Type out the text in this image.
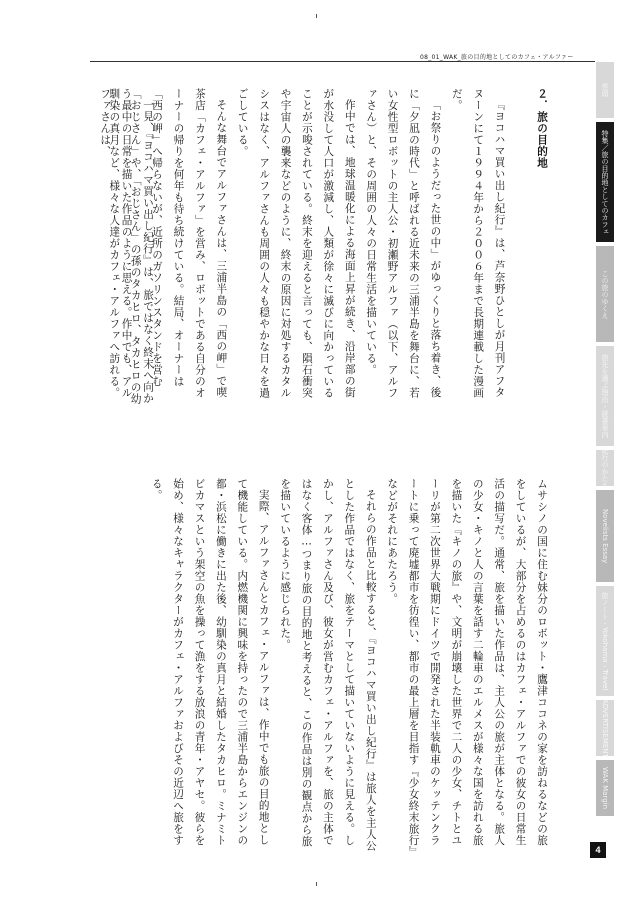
08_01_WAK_旅の目的地としてのカフェ・アルファー

２．旅の目的地

『ヨコハマ買い出し紀行』は、芦奈野ひとしが月刊アフタヌーンにて１９９４年から２００６年まで長期連載した漫画だ。

「お祭りのようだった世の中」がゆっくりと落ち着き、後に「夕凪の時代」と呼ばれる近未来の三浦半島を舞台に、若い女性型ロボットの主人公・初瀬野アルファ（以下、アルファさん）と、その周囲の人々の日常生活を描いている。

作中では、地球温暖化による海面上昇が続き、沿岸部の街が水没して人口が激減し、人類が徐々に滅びに向かっていることが示唆されている。終末を迎えると言っても、隕石衝突や宇宙人の襲来などのように、終末の原因に対処するカタルシスはなく、アルファさんも周囲の人々も穏やかな日々を過ごしている。

そんな舞台でアルファさんは、三浦半島の「西の岬」で喫茶店「カフェ・アルファ」を営み、ロボットである自分のオーナーの帰りを何年も待ち続けている。結局、オーナーは「西の岬」へ帰らないが、近所のガソリンスタンドを営む「おじさん」や、「おじさん」の孫のタカヒロ、タカヒロの幼馴染の真月など、様々な人達がカフェ・アルファへ訪れる。	一見、『ヨコハマ買い出し紀行』は、旅ではなく終末へ向かう最中の日常を描いた作品のように思える。作中でも、アルファさんは、

ムサシノの国に住む妹分のロボット・鷹津ココネの家を訪ねるなどの旅をしているが、大部分を占めるのはカフェ・アルファでの彼女の日常生活の描写だ。通常、旅を描いた作品は、主人公の旅が主体となる。旅人の少女・キノと人の言葉を話す二輪車のエルメスが様々な国を訪れる旅を描いた『キノの旅』や、文明が崩壊した世界で二人の少女、チトとユーリが第二次世界大戦期にドイツで開発された半装軌車のケッテンクラートに乗って廃墟都市を彷徨い、都市の最上層を目指す『少女終末旅行』などがそれにあたろう。

それらの作品と比較すると、『ヨコハマ買い出し紀行』は旅人を主人公とした作品ではなく、旅をテーマとして描いていないように見える。しかし、アルファさん及び、彼女が営むカフェ・アルファを、旅の主体ではなく客体…つまり旅の目的地と考えると、この作品は別の観点から旅を描いているように感じられた。

実際、アルファさんとカフェ・アルファは、作中でも旅の目的地として機能している。内燃機関に興味を持ったので三浦半島からエンジンの都・浜松に働きに出た後、幼馴染の真月と結婚したタカヒロ。ミナミトビカマスという架空の魚を操って漁をする放浪の青年・アヤセ。彼らを始め、様々なキャラクターがカフェ・アルファおよびその近辺へ旅をする。

巻頭
特集／旅の目的地としてのカフェ
この旅のゆくえ
旅先を選ぶ理由・読書案内
紀行のかたち
Novelists Essay
旅ノート・Yokohama・Travel
ADVERTISEMENT
WAK Margin
4
